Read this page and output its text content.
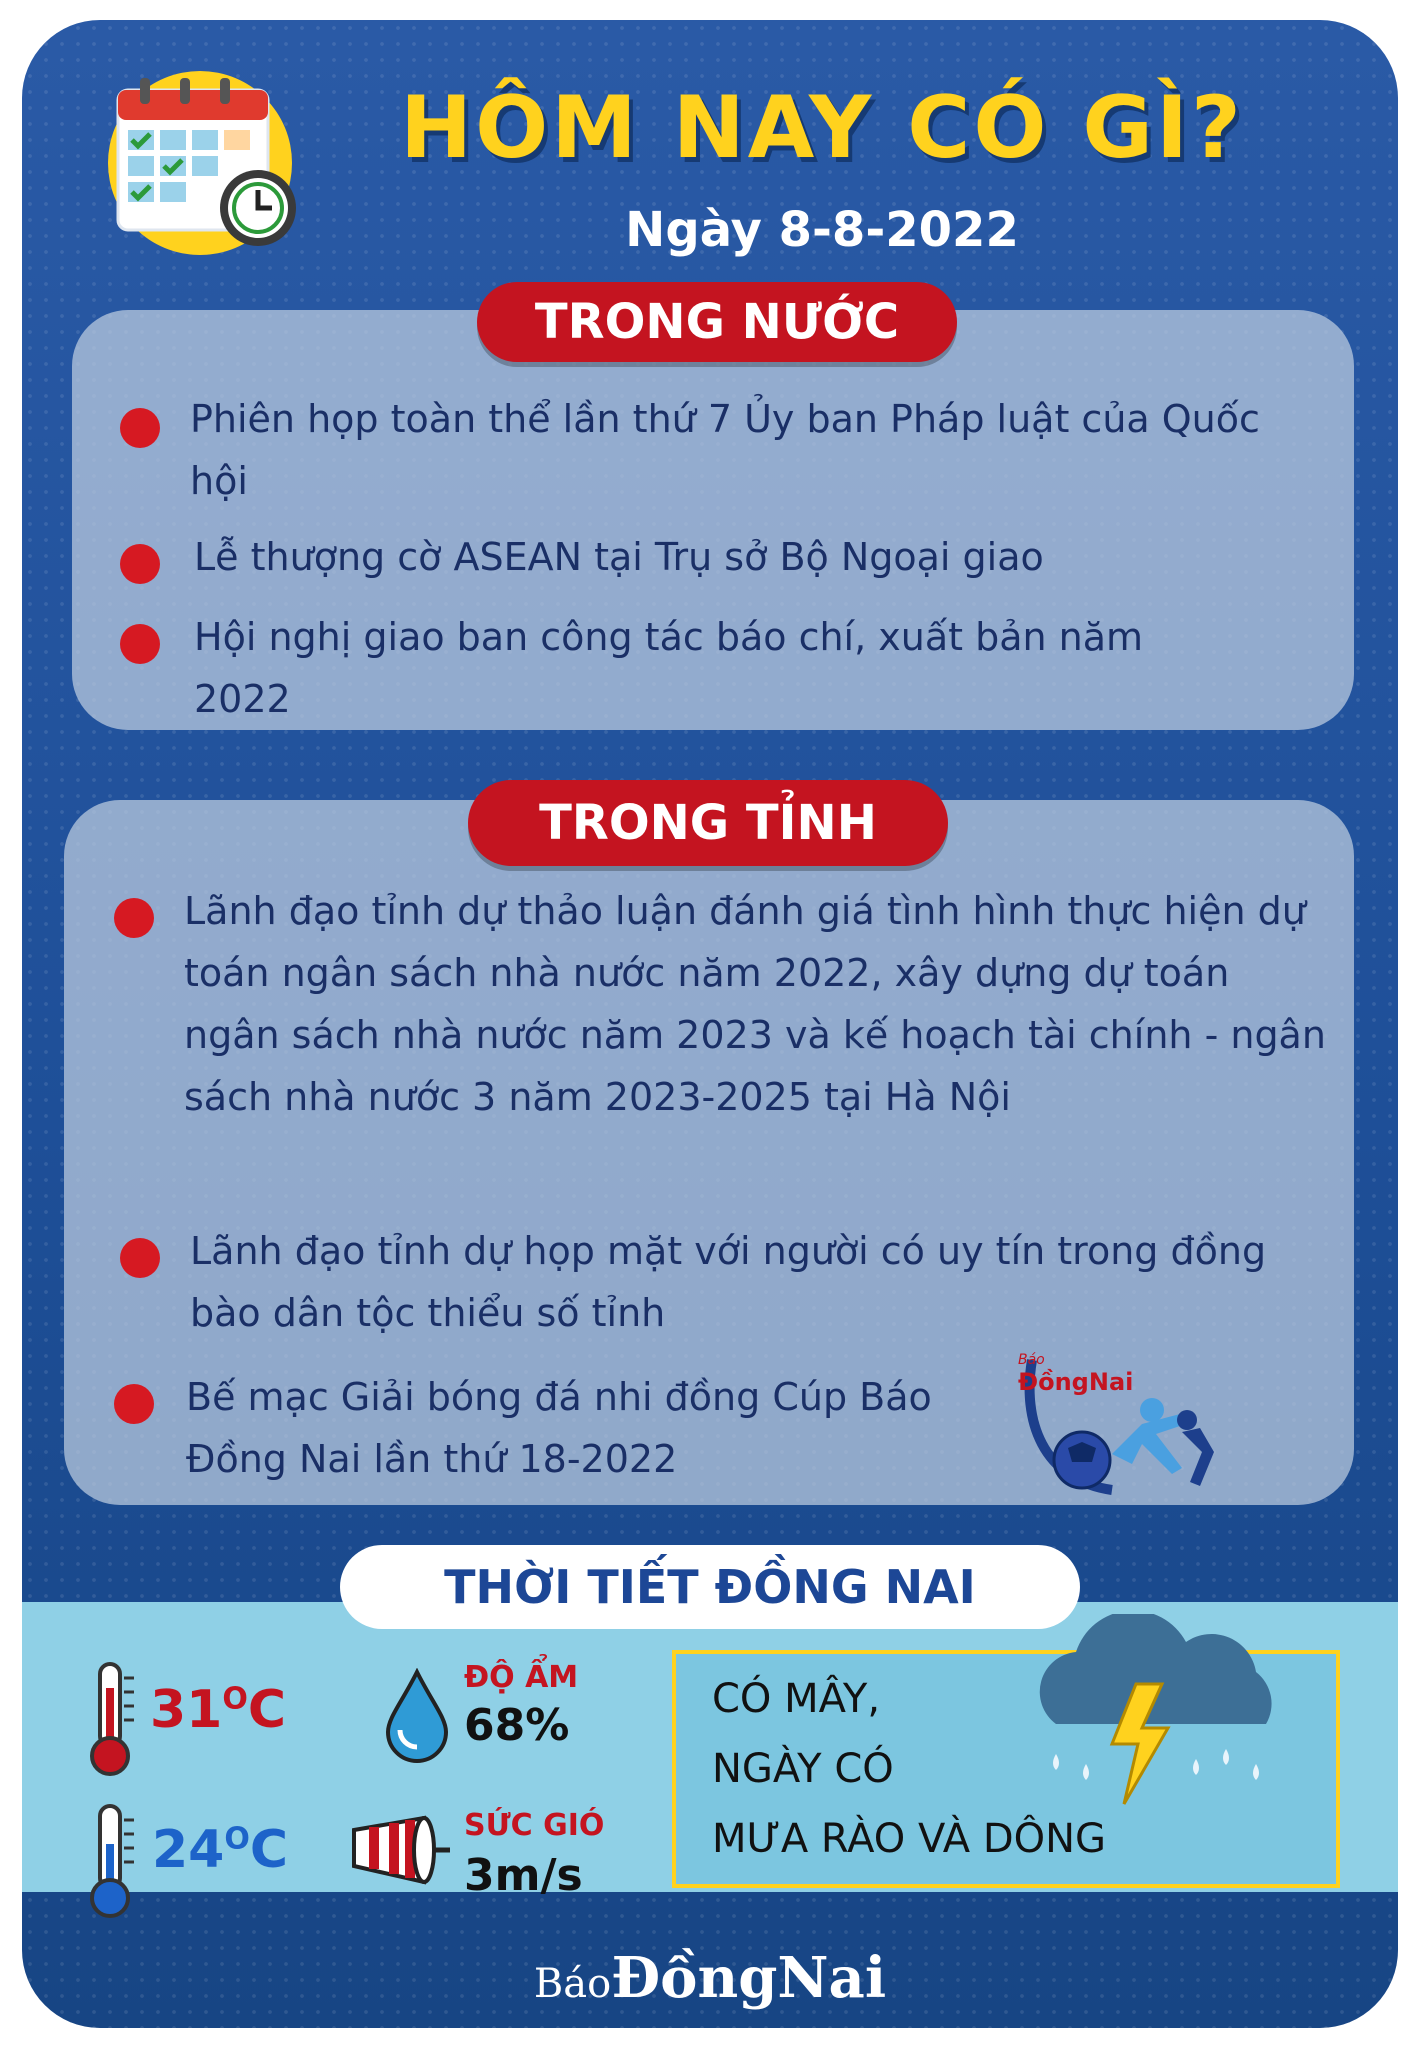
HÔM NAY CÓ GÌ?
Ngày 8-8-2022
TRONG NƯỚC
Phiên họp toàn thể lần thứ 7 Ủy ban Pháp luật của Quốc hội
Lễ thượng cờ ASEAN tại Trụ sở Bộ Ngoại giao
Hội nghị giao ban công tác báo chí, xuất bản năm 2022
TRONG TỈNH
Lãnh đạo tỉnh dự thảo luận đánh giá tình hình thực hiện dự toán ngân sách nhà nước năm 2022, xây dựng dự toán ngân sách nhà nước năm 2023 và kế hoạch tài chính - ngân sách nhà nước 3 năm 2023-2025 tại Hà Nội
Lãnh đạo tỉnh dự họp mặt với người có uy tín trong đồng bào dân tộc thiểu số tỉnh
Bế mạc Giải bóng đá nhi đồng Cúp Báo Đồng Nai lần thứ 18-2022
Báo
ĐồngNai
THỜI TIẾT ĐỒNG NAI
$31^OC$
$24^OC$
ĐỘ ẨM
68%
SỨC GIÓ
3m/s
CÓ MÂY,
NGÀY CÓ
MƯA RÀO VÀ DÔNG
BáoĐồngNai
